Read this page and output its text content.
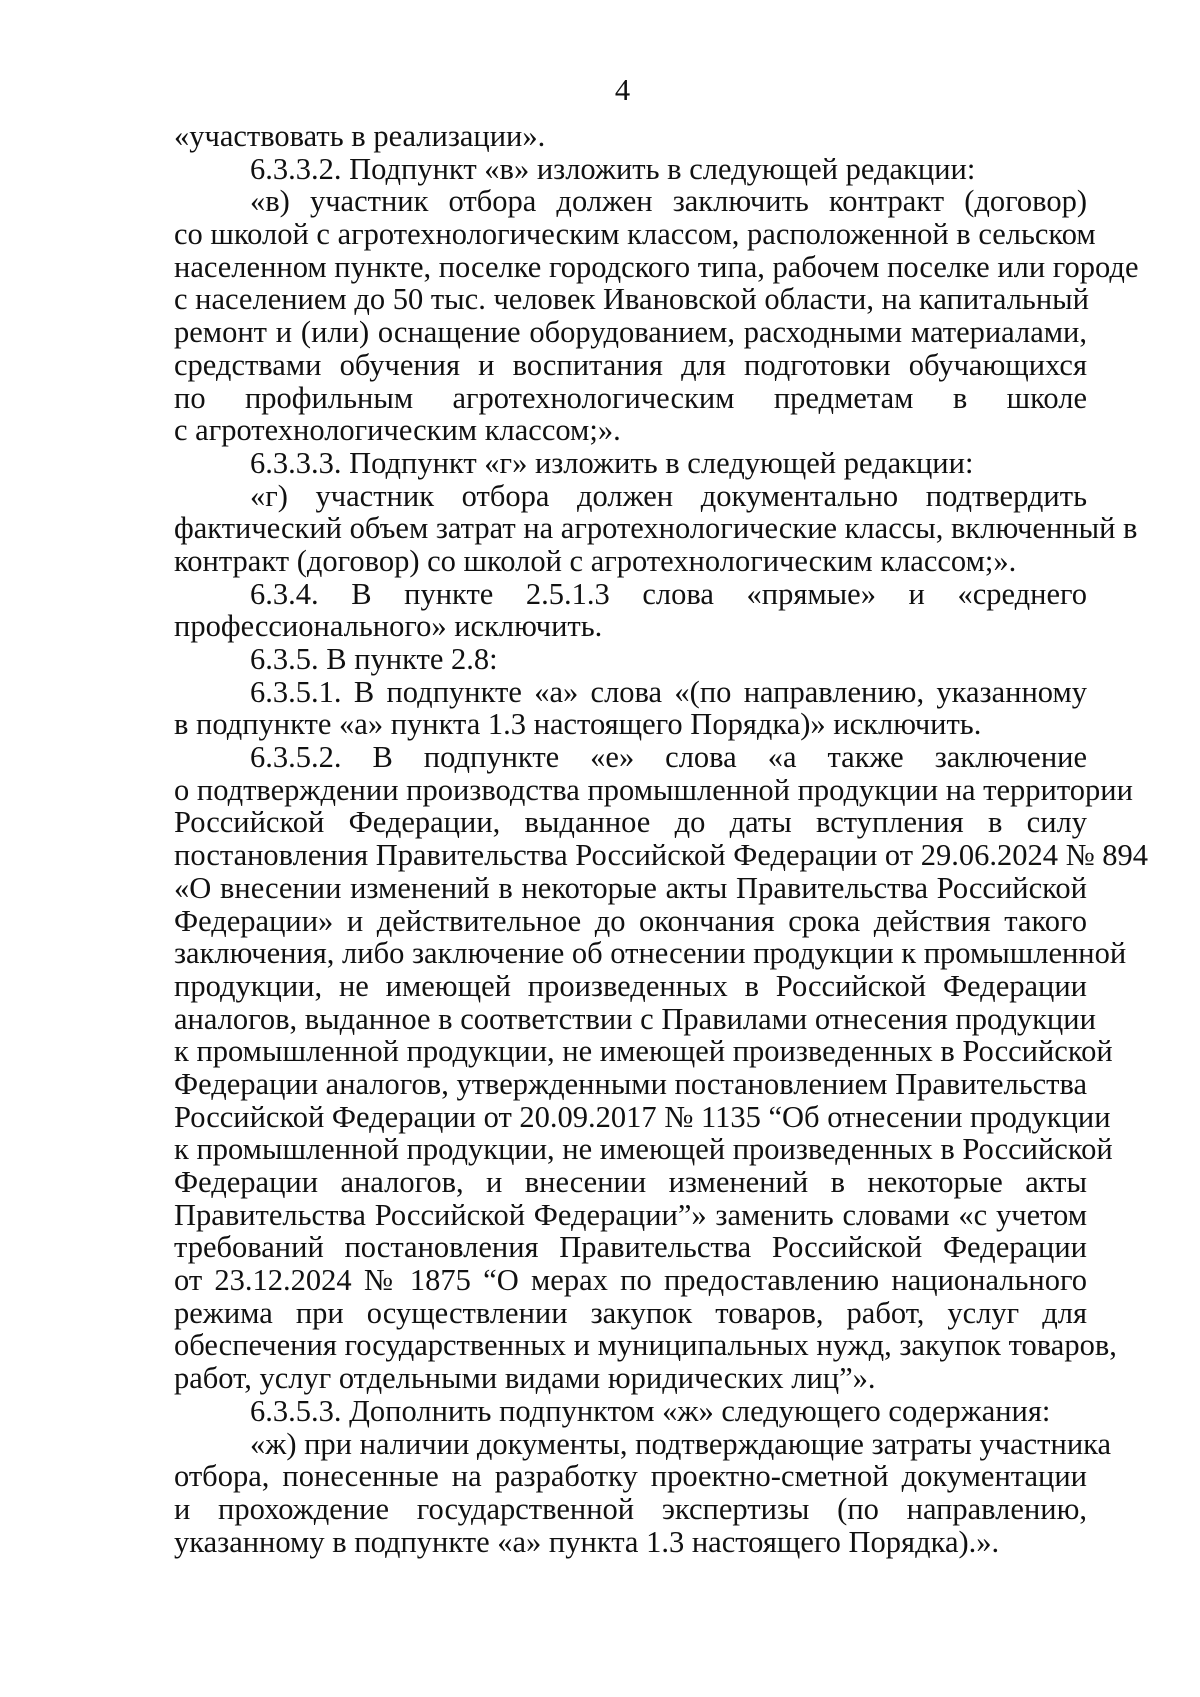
4
«участвовать в реализации».
6.3.3.2. Подпункт «в» изложить в следующей редакции:
«в) участник отбора должен заключить контракт (договор)
со школой с агротехнологическим классом, расположенной в сельском
населенном пункте, поселке городского типа, рабочем поселке или городе
с населением до 50 тыс. человек Ивановской области, на капитальный
ремонт и (или) оснащение оборудованием, расходными материалами,
средствами обучения и воспитания для подготовки обучающихся
по профильным агротехнологическим предметам в школе
с агротехнологическим классом;».
6.3.3.3. Подпункт «г» изложить в следующей редакции:
«г) участник отбора должен документально подтвердить
фактический объем затрат на агротехнологические классы, включенный в
контракт (договор) со школой с агротехнологическим классом;».
6.3.4. В пункте 2.5.1.3 слова «прямые» и «среднего
профессионального» исключить.
6.3.5. В пункте 2.8:
6.3.5.1. В подпункте «а» слова «(по направлению, указанному
в подпункте «а» пункта 1.3 настоящего Порядка)» исключить.
6.3.5.2. В подпункте «е» слова «а также заключение
о подтверждении производства промышленной продукции на территории
Российской Федерации, выданное до даты вступления в силу
постановления Правительства Российской Федерации от 29.06.2024 № 894
«О внесении изменений в некоторые акты Правительства Российской
Федерации» и действительное до окончания срока действия такого
заключения, либо заключение об отнесении продукции к промышленной
продукции, не имеющей произведенных в Российской Федерации
аналогов, выданное в соответствии с Правилами отнесения продукции
к промышленной продукции, не имеющей произведенных в Российской
Федерации аналогов, утвержденными постановлением Правительства
Российской Федерации от 20.09.2017 № 1135 “Об отнесении продукции
к промышленной продукции, не имеющей произведенных в Российской
Федерации аналогов, и внесении изменений в некоторые акты
Правительства Российской Федерации”» заменить словами «с учетом
требований постановления Правительства Российской Федерации
от 23.12.2024 № 1875 “О мерах по предоставлению национального
режима при осуществлении закупок товаров, работ, услуг для
обеспечения государственных и муниципальных нужд, закупок товаров,
работ, услуг отдельными видами юридических лиц”».
6.3.5.3. Дополнить подпунктом «ж» следующего содержания:
«ж) при наличии документы, подтверждающие затраты участника
отбора, понесенные на разработку проектно-сметной документации
и прохождение государственной экспертизы (по направлению,
указанному в подпункте «а» пункта 1.3 настоящего Порядка).».
